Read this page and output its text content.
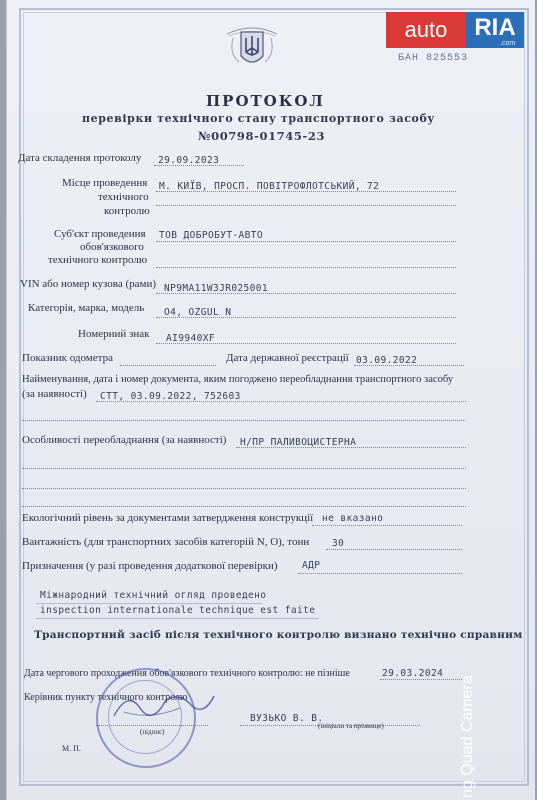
auto	RIA
.com
БАН 825553
ПРОТОКОЛ
перевірки технічного стану транспортного засобу
№00798-01745-23
Дата складення протоколу 29.09.2023
Місце проведення
технічного
контролю
М. КИЇВ, ПРОСП. ПОВІТРОФЛОТСЬКИЙ, 72
Суб'єкт проведення
обов'язкового
технічного контролю
ТОВ ДОБРОБУТ-АВТО
VIN або номер кузова (рами) NP9MA11W3JR025001
Категорія, марка, модель O4, OZGUL N
Номерний знак AI9940XF
Показник одометра	Дата державної реєстрації 03.09.2022
Найменування, дата і номер документа, яким погоджено переобладнання транспортного засобу
(за наявності) СТТ, 03.09.2022, 752603
Особливості переобладнання (за наявності) Н/ПР ПАЛИВОЦИСТЕРНА
Екологічний рівень за документами затвердження конструкції не вказано
Вантажність (для транспортних засобів категорій N, O), тонн 30
Призначення (у разі проведення додаткової перевірки)	АДР
Міжнародний технічний огляд проведено
inspection internationale technique est faite
Транспортний засіб після технічного контролю визнано технічно справним
Дата чергового проходження обов'язкового технічного контролю: не пізніше	29.03.2024
Керівник пункту технічного контролю
(підпис)
ВУЗЬКО В. В.
(ініціали та прізвище)
М. П.	ng Quad Camera
